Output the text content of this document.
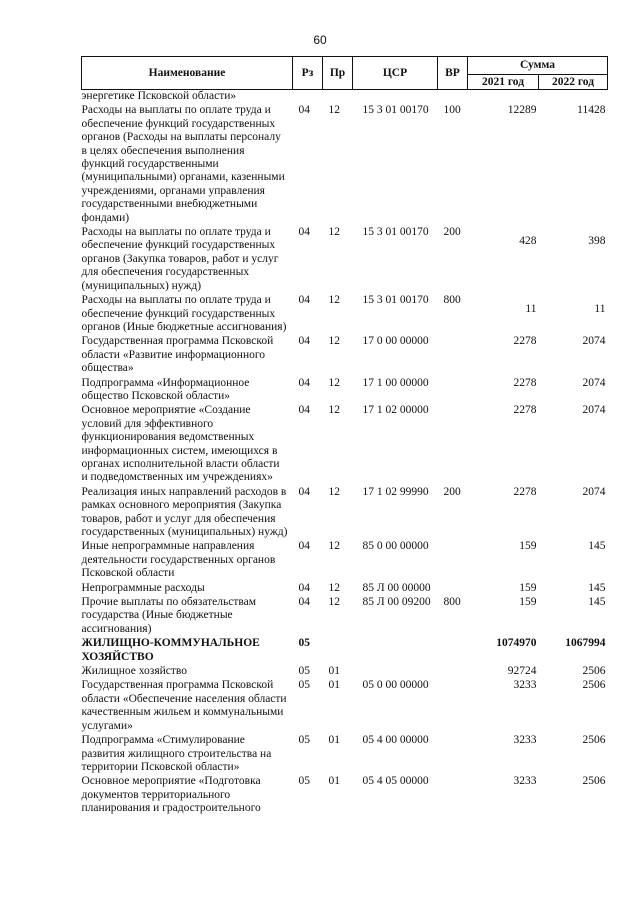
60
Наименование	Рз	Пр	ЦСР	ВР	Сумма	
					2021 год	2022 год
энергетике Псковской области»						
Расходы на выплаты по оплате труда и обеспечение функций государственных органов (Расходы на выплаты персоналу в целях обеспечения выполнения функций государственными (муниципальными) органами, казенными учреждениями, органами управления государственными внебюджетными фондами)	04	12	15 3 01 00170	100	12289	11428
Расходы на выплаты по оплате труда и обеспечение функций государственных органов (Закупка товаров, работ и услуг для обеспечения государственных (муниципальных) нужд)	04	12	15 3 01 00170	200	428	398
Расходы на выплаты по оплате труда и обеспечение функций государственных органов (Иные бюджетные ассигнования)	04	12	15 3 01 00170	800	11	11
Государственная программа Псковской области «Развитие информационного общества»	04	12	17 0 00 00000		2278	2074
Подпрограмма «Информационное общество Псковской области»	04	12	17 1 00 00000		2278	2074
Основное мероприятие «Создание условий для эффективного функционирования ведомственных информационных систем, имеющихся в органах исполнительной власти области и подведомственных им учреждениях»	04	12	17 1 02 00000		2278	2074
Реализация иных направлений расходов в рамках основного мероприятия (Закупка товаров, работ и услуг для обеспечения государственных (муниципальных) нужд)	04	12	17 1 02 99990	200	2278	2074
Иные непрограммные направления деятельности государственных органов Псковской области	04	12	85 0 00 00000		159	145
Непрограммные расходы	04	12	85 Л 00 00000		159	145
Прочие выплаты по обязательствам государства (Иные бюджетные ассигнования)	04	12	85 Л 00 09200	800	159	145
ЖИЛИЩНО-КОММУНАЛЬНОЕ ХОЗЯЙСТВО	05				1074970	1067994
Жилищное хозяйство	05	01			92724	2506
Государственная программа Псковской области «Обеспечение населения области качественным жильем и коммунальными услугами»	05	01	05 0 00 00000		3233	2506
Подпрограмма «Стимулирование развития жилищного строительства на территории Псковской области»	05	01	05 4 00 00000		3233	2506
Основное мероприятие «Подготовка документов территориального планирования и градостроительного	05	01	05 4 05 00000		3233	2506
